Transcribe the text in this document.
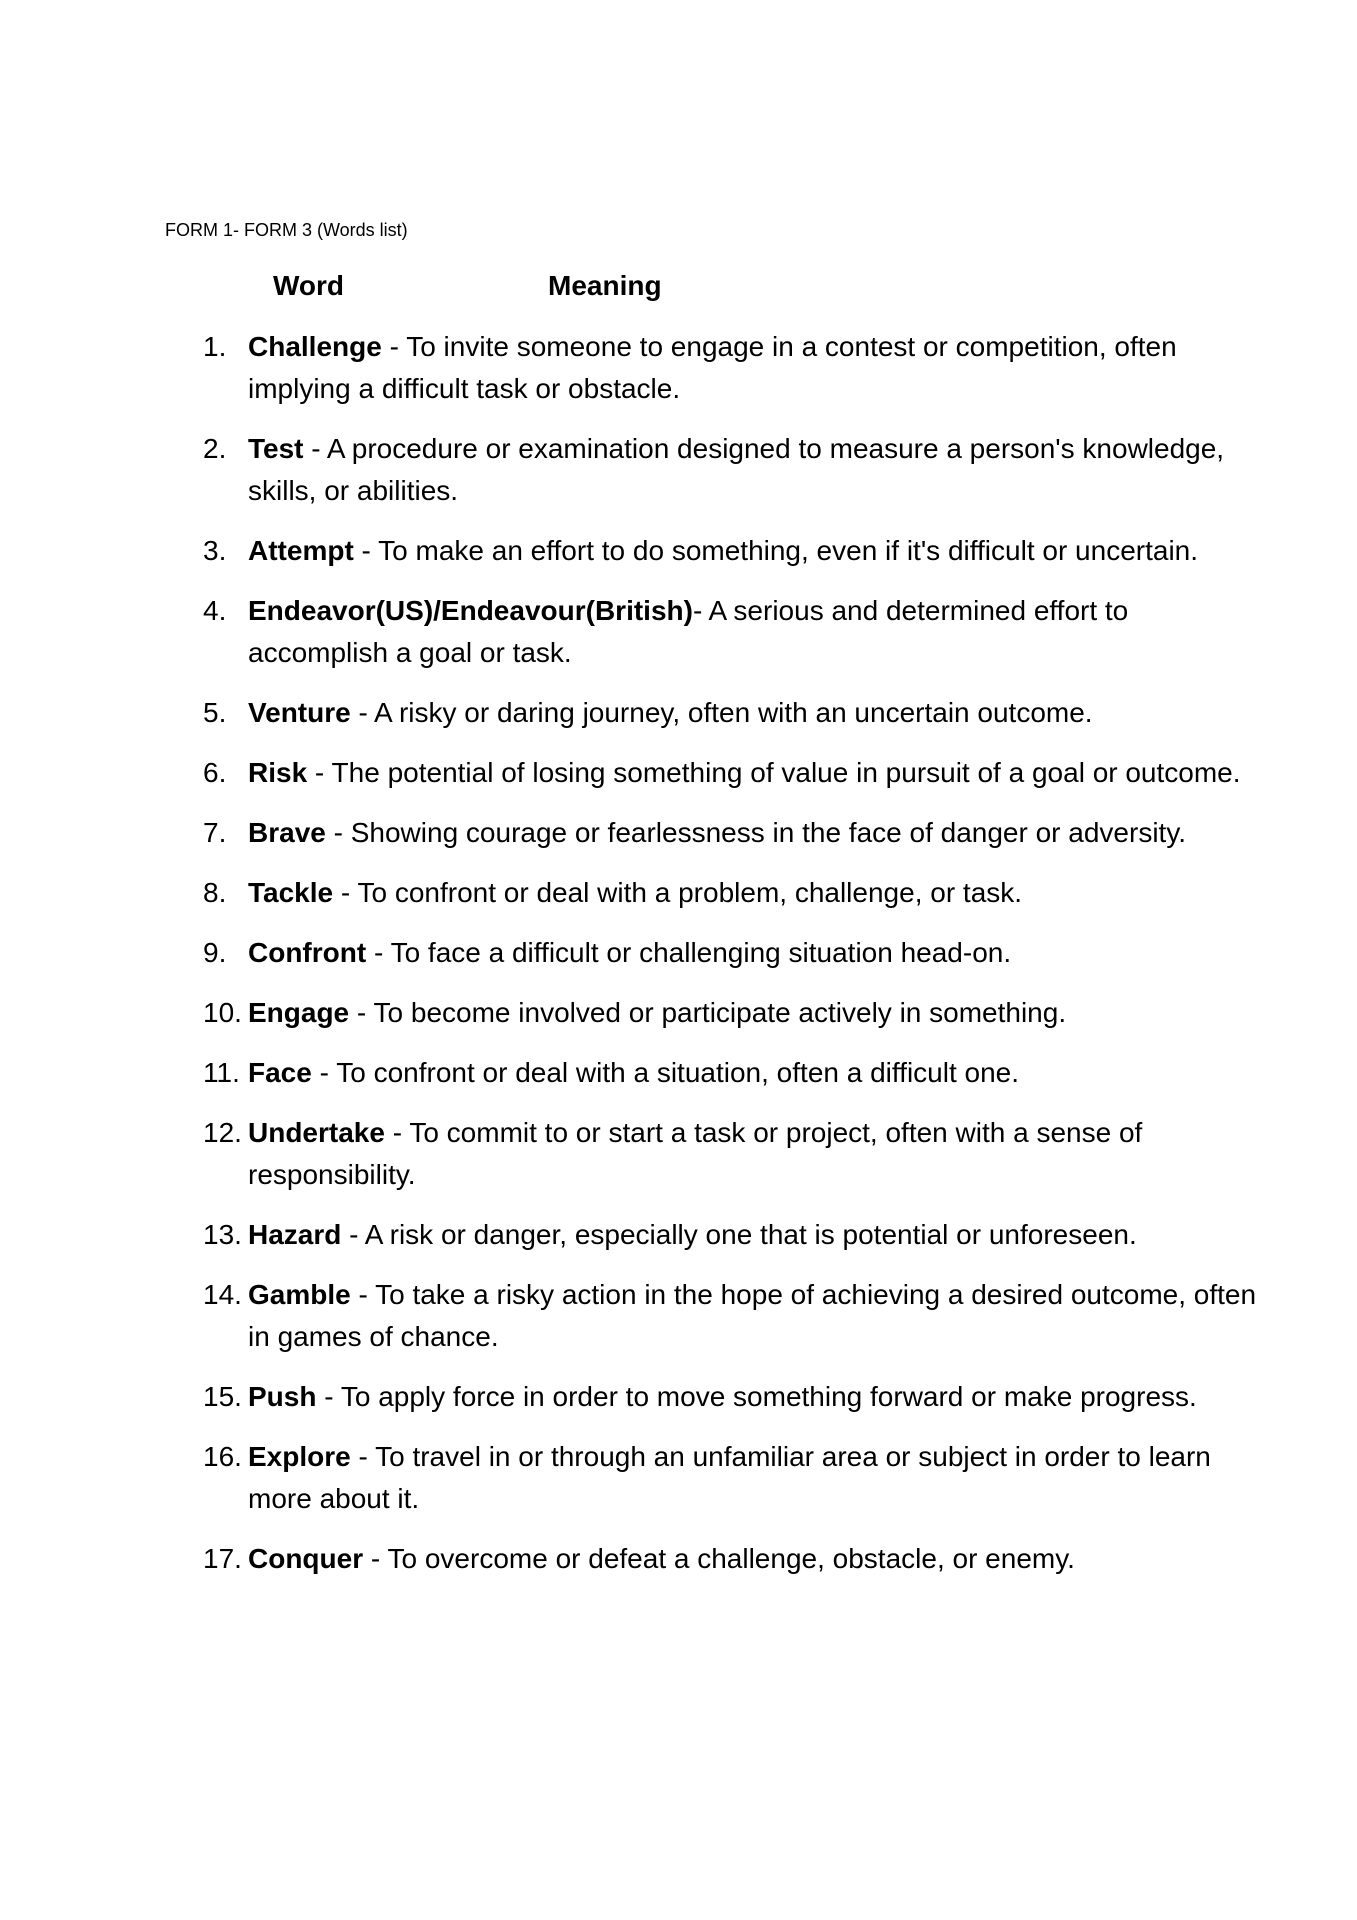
FORM 1- FORM 3 (Words list)
Word	Meaning
1. Challenge - To invite someone to engage in a contest or competition, often implying a difficult task or obstacle.
2. Test - A procedure or examination designed to measure a person's knowledge, skills, or abilities.
3. Attempt - To make an effort to do something, even if it's difficult or uncertain.
4. Endeavor(US)/Endeavour(British)- A serious and determined effort to accomplish a goal or task.
5. Venture - A risky or daring journey, often with an uncertain outcome.
6. Risk - The potential of losing something of value in pursuit of a goal or outcome.
7. Brave - Showing courage or fearlessness in the face of danger or adversity.
8. Tackle - To confront or deal with a problem, challenge, or task.
9. Confront - To face a difficult or challenging situation head-on.
10. Engage - To become involved or participate actively in something.
11. Face - To confront or deal with a situation, often a difficult one.
12. Undertake - To commit to or start a task or project, often with a sense of responsibility.
13. Hazard - A risk or danger, especially one that is potential or unforeseen.
14. Gamble - To take a risky action in the hope of achieving a desired outcome, often in games of chance.
15. Push - To apply force in order to move something forward or make progress.
16. Explore - To travel in or through an unfamiliar area or subject in order to learn more about it.
17. Conquer - To overcome or defeat a challenge, obstacle, or enemy.
